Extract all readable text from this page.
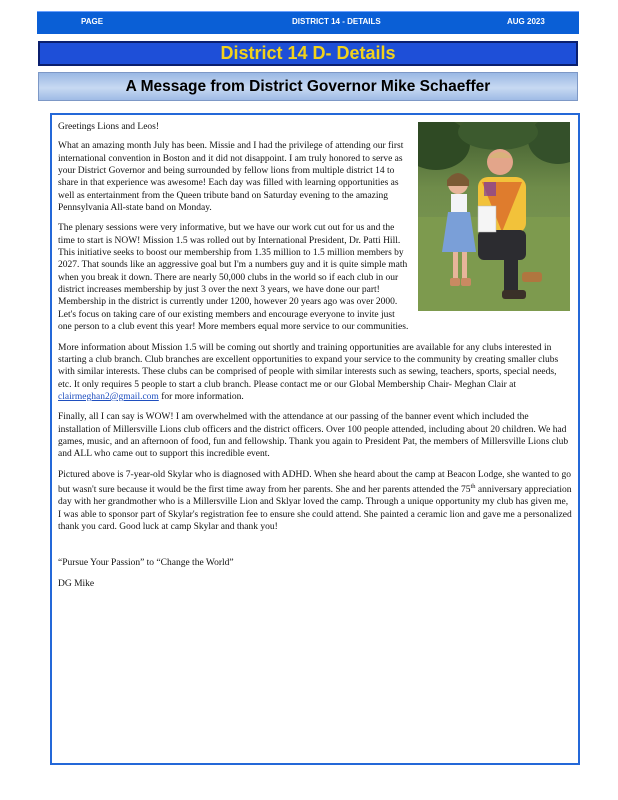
PAGE	DISTRICT 14 - DETAILS	AUG 2023
District 14 D- Details
A Message from District Governor Mike Schaeffer

Greetings Lions and Leos!

What an amazing month July has been. Missie and I had the privilege of attending our first international convention in Boston and it did not disappoint. I am truly honored to serve as your District Governor and being surrounded by fellow lions from multiple district 14 to share in that experience was awesome! Each day was filled with learning opportunities as well as entertainment from the Queen tribute band on Saturday evening to the amazing Pennsylvania All-state band on Monday.

The plenary sessions were very informative, but we have our work cut out for us and the time to start is NOW! Mission 1.5 was rolled out by International President, Dr. Patti Hill. This initiative seeks to boost our membership from 1.35 million to 1.5 million members by 2027. That sounds like an aggressive goal but I'm a numbers guy and it is quite simple math when you break it down. There are nearly 50,000 clubs in the world so if each club in our district increases membership by just 3 over the next 3 years, we have done our part! Membership in the district is currently under 1200, however 20 years ago was over 2000. Let's focus on taking care of our existing members and encourage everyone to invite just one person to a club event this year! More members equal more service to our communities.

More information about Mission 1.5 will be coming out shortly and training opportunities are available for any clubs interested in starting a club branch. Club branches are excellent opportunities to expand your service to the community by creating smaller clubs with similar interests. These clubs can be comprised of people with similar interests such as sewing, teachers, sports, special needs, etc. It only requires 5 people to start a club branch. Please contact me or our Global Membership Chair- Meghan Clair at clairmeghan2@gmail.com for more information.

Finally, all I can say is WOW! I am overwhelmed with the attendance at our passing of the banner event which included the installation of Millersville Lions club officers and the district officers. Over 100 people attended, including about 20 children. We had games, music, and an afternoon of food, fun and fellowship. Thank you again to President Pat, the members of Millersville Lions club and ALL who came out to support this incredible event.

Pictured above is 7-year-old Skylar who is diagnosed with ADHD. When she heard about the camp at Beacon Lodge, she wanted to go but wasn't sure because it would be the first time away from her parents. She and her parents attended the 75th anniversary appreciation day with her grandmother who is a Millersville Lion and Sklyar loved the camp. Through a unique opportunity my club has given me, I was able to sponsor part of Skylar's registration fee to ensure she could attend. She painted a ceramic lion and gave me a personalized thank you card. Good luck at camp Skylar and thank you!

“Pursue Your Passion” to “Change the World”

DG Mike
